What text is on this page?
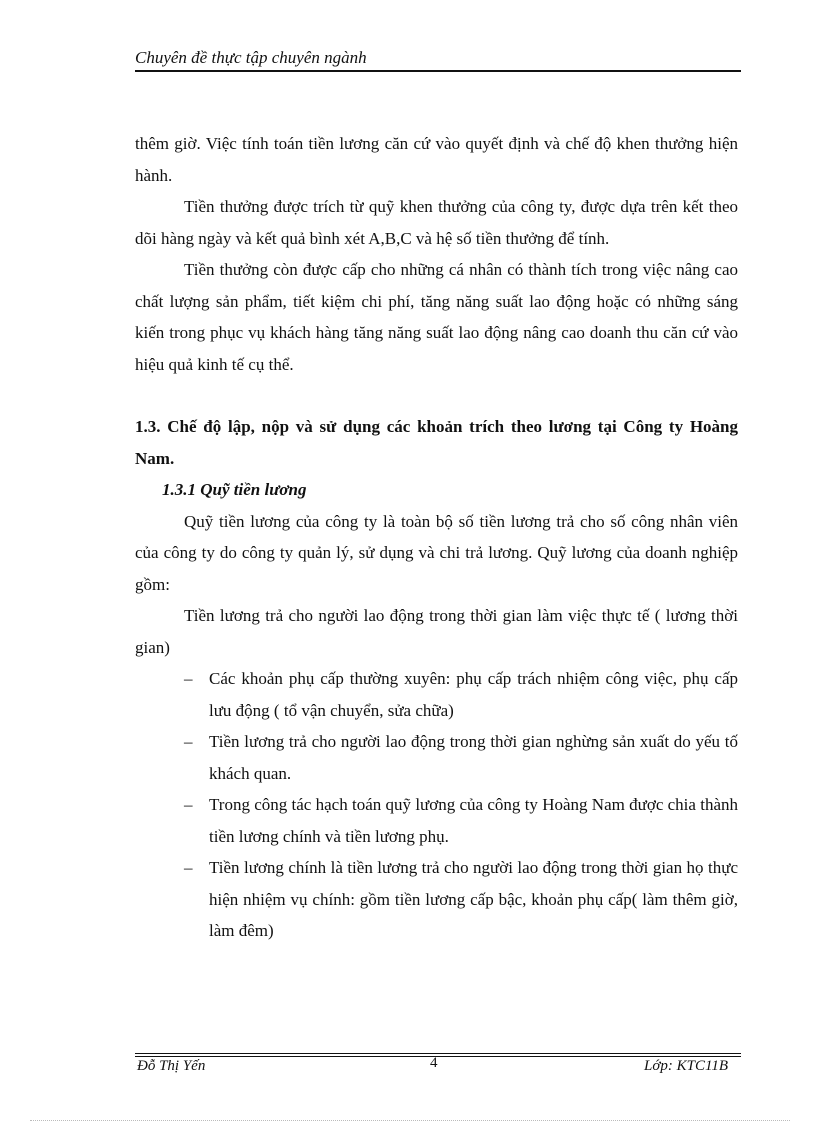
Chuyên đề thực tập chuyên ngành

thêm giờ. Việc tính toán tiền lương căn cứ vào quyết định và chế độ khen thưởng hiện hành.

Tiền thưởng được trích từ quỹ khen thưởng của công ty, được dựa trên kết theo dõi hàng ngày và kết quả bình xét A,B,C và hệ số tiền thưởng để tính.

Tiền thưởng còn được cấp cho những cá nhân có thành tích trong việc nâng cao chất lượng sản phẩm, tiết kiệm chi phí, tăng năng suất lao động hoặc có những sáng kiến trong phục vụ khách hàng tăng năng suất lao động nâng cao doanh thu căn cứ vào hiệu quả kinh tế cụ thể.

1.3. Chế độ lập, nộp và sử dụng các khoản trích theo lương tại Công ty Hoàng Nam.

1.3.1 Quỹ tiền lương

Quỹ tiền lương của công ty là toàn bộ số tiền lương trả cho số công nhân viên của công ty do công ty quản lý, sử dụng và chi trả lương. Quỹ lương của doanh nghiệp gồm:

Tiền lương trả cho người lao động trong thời gian làm việc thực tế ( lương thời gian)

– Các khoản phụ cấp thường xuyên: phụ cấp trách nhiệm công việc, phụ cấp lưu động ( tổ vận chuyển, sửa chữa)
– Tiền lương trả cho người lao động trong thời gian nghừng sản xuất do yếu tố khách quan.
– Trong công tác hạch toán quỹ lương của công ty Hoàng Nam được chia thành tiền lương chính và tiền lương phụ.
– Tiền lương chính là tiền lương trả cho người lao động trong thời gian họ thực hiện nhiệm vụ chính: gồm tiền lương cấp bậc, khoản phụ cấp( làm thêm giờ, làm đêm)
Đỗ Thị Yến	4	Lớp: KTC11B
